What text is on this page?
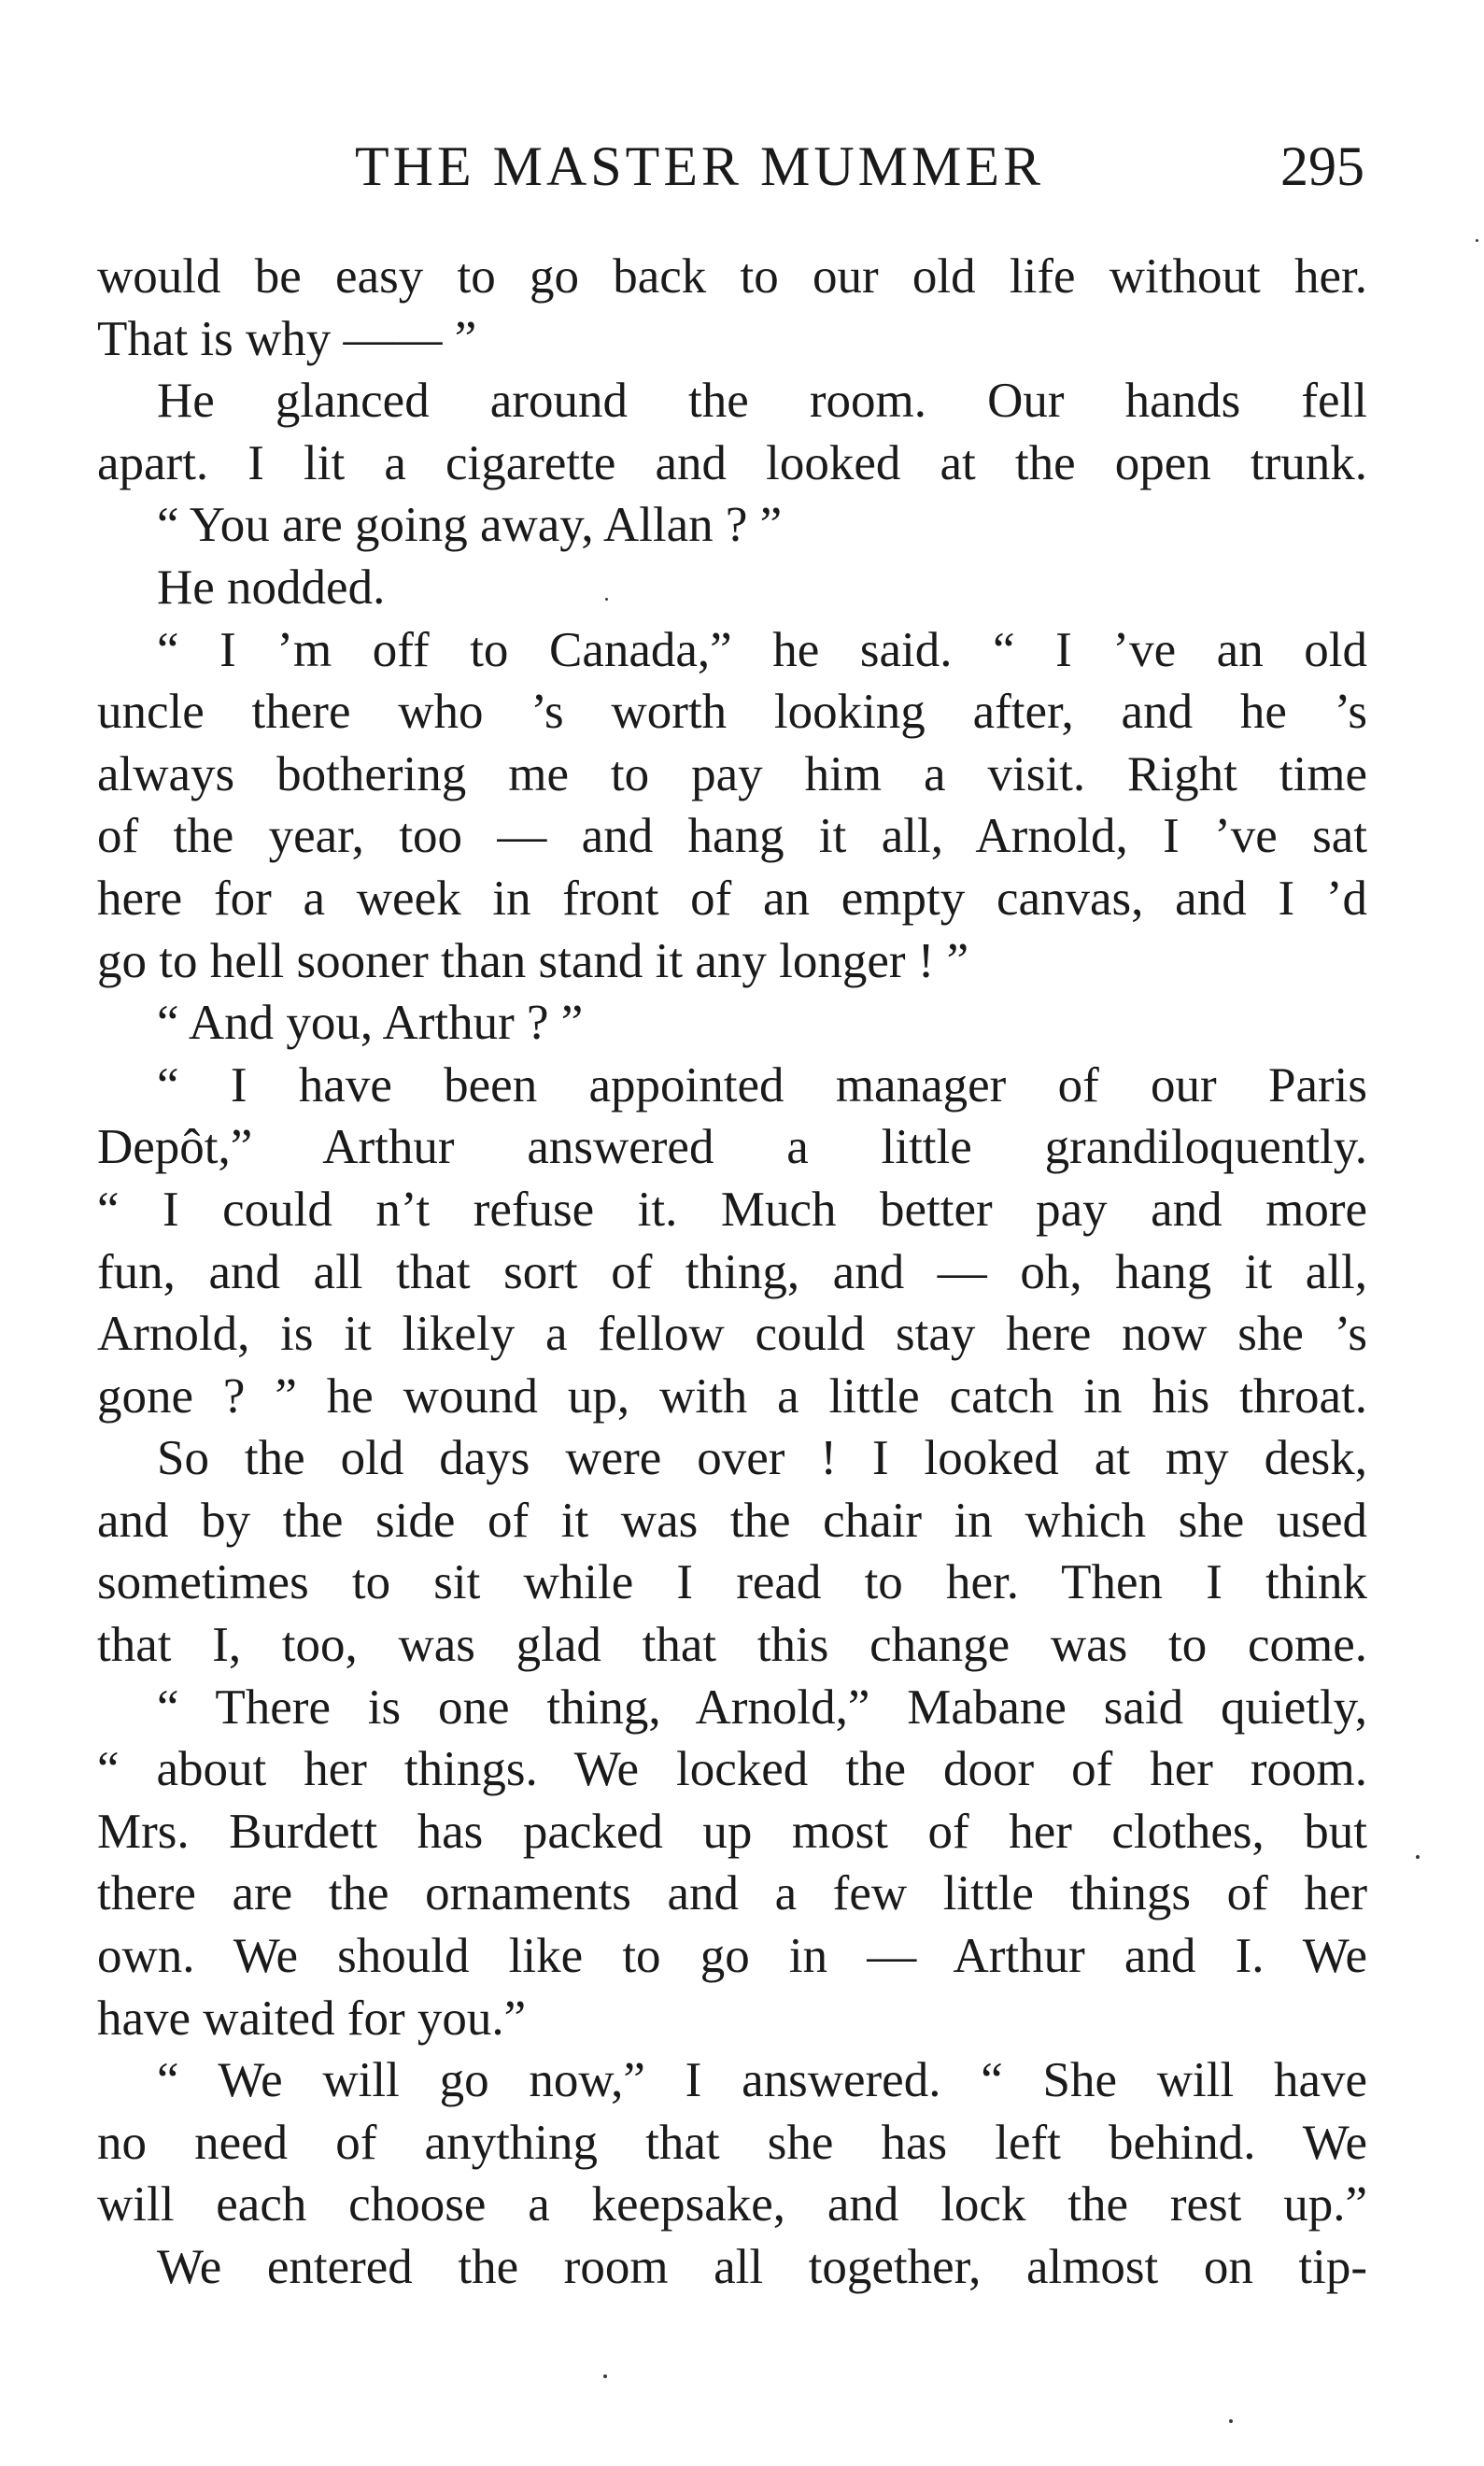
THE MASTER MUMMER	295
would be easy to go back to our old life without her.
That is why —— ”
He glanced around the room. Our hands fell
apart. I lit a cigarette and looked at the open trunk.
“ You are going away, Allan ? ”
He nodded.
“ I ’m off to Canada,” he said. “ I ’ve an old
uncle there who ’s worth looking after, and he ’s
always bothering me to pay him a visit. Right time
of the year, too — and hang it all, Arnold, I ’ve sat
here for a week in front of an empty canvas, and I ’d
go to hell sooner than stand it any longer ! ”
“ And you, Arthur ? ”
“ I have been appointed manager of our Paris
Depôt,” Arthur answered a little grandiloquently.
“ I could n’t refuse it. Much better pay and more
fun, and all that sort of thing, and — oh, hang it all,
Arnold, is it likely a fellow could stay here now she ’s
gone ? ” he wound up, with a little catch in his throat.
So the old days were over ! I looked at my desk,
and by the side of it was the chair in which she used
sometimes to sit while I read to her. Then I think
that I, too, was glad that this change was to come.
“ There is one thing, Arnold,” Mabane said quietly,
“ about her things. We locked the door of her room.
Mrs. Burdett has packed up most of her clothes, but
there are the ornaments and a few little things of her
own. We should like to go in — Arthur and I. We
have waited for you.”
“ We will go now,” I answered. “ She will have
no need of anything that she has left behind. We
will each choose a keepsake, and lock the rest up.”
We entered the room all together, almost on tip-
